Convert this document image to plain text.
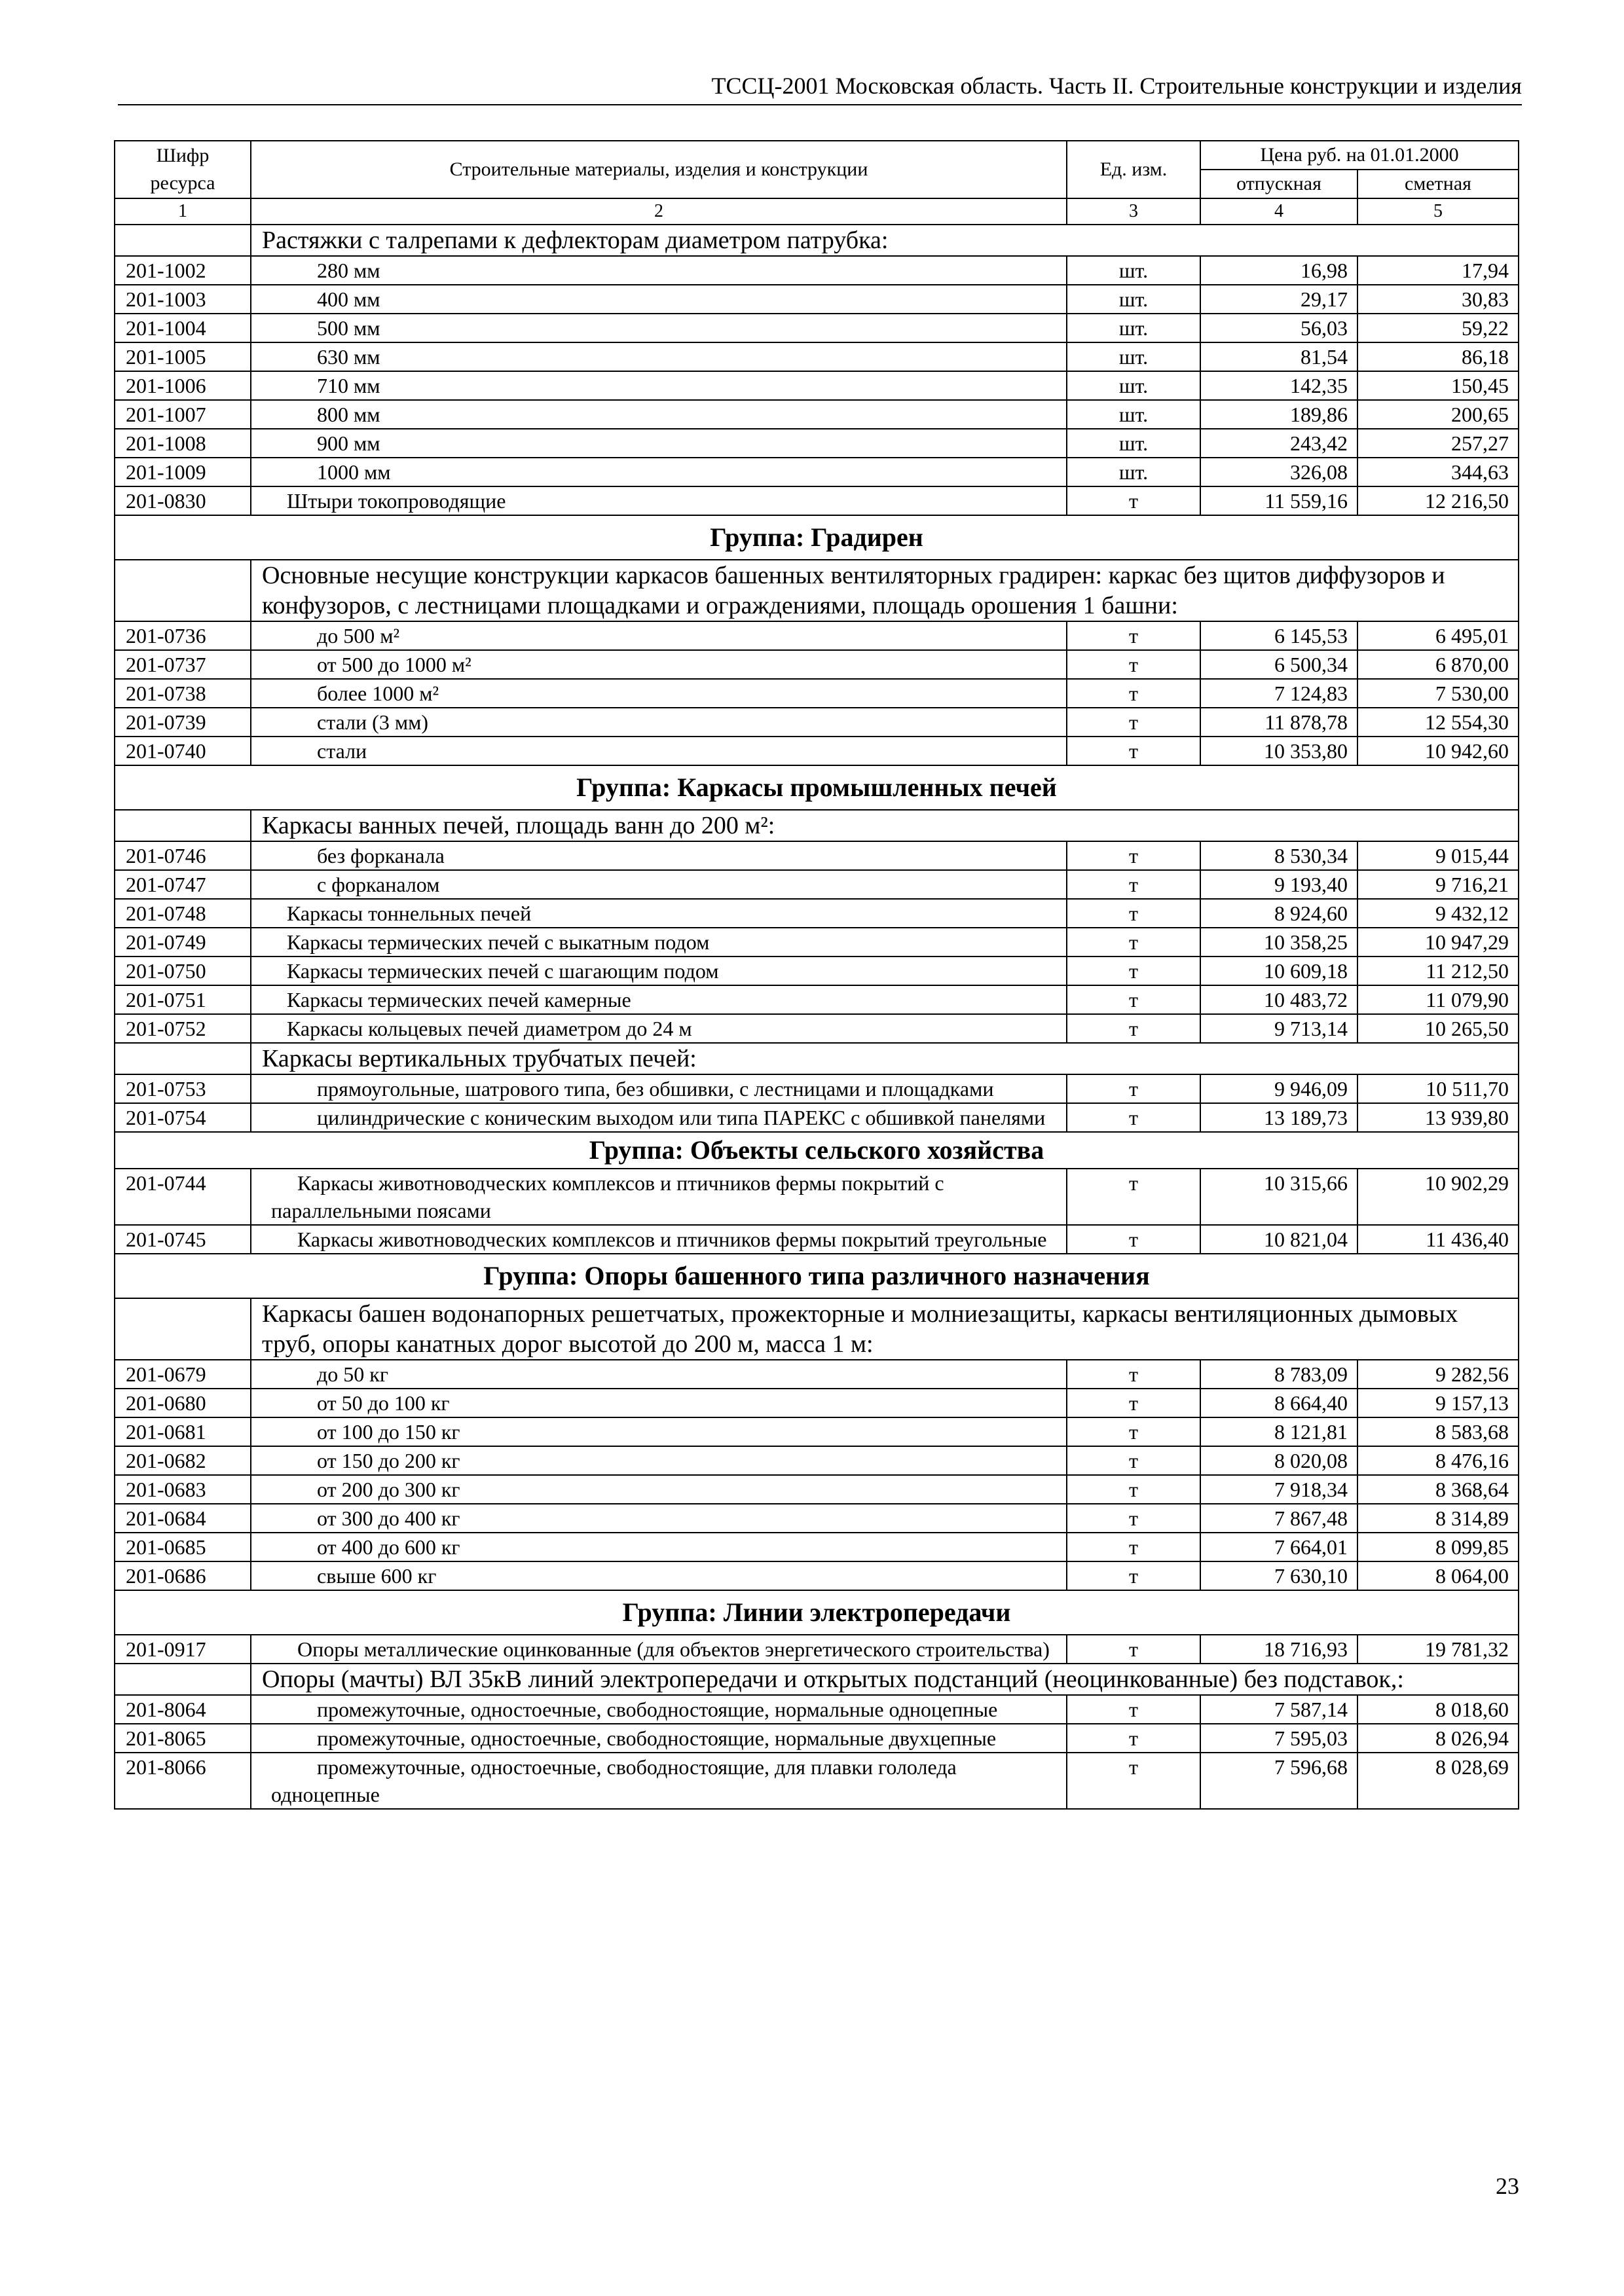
ТССЦ-2001 Московская область. Часть II. Строительные конструкции и изделия
Шифр ресурса	Строительные материалы, изделия и конструкции	Ед. изм.	Цена руб. на 01.01.2000	
			отпускная	сметная
1	2	3	4	5
	Растяжки с талрепами к дефлекторам диаметром патрубка:			
201-1002	280 мм	шт.	16,98	17,94
201-1003	400 мм	шт.	29,17	30,83
201-1004	500 мм	шт.	56,03	59,22
201-1005	630 мм	шт.	81,54	86,18
201-1006	710 мм	шт.	142,35	150,45
201-1007	800 мм	шт.	189,86	200,65
201-1008	900 мм	шт.	243,42	257,27
201-1009	1000 мм	шт.	326,08	344,63
201-0830	Штыри токопроводящие	т	11 559,16	12 216,50
Группа: Градирен				
	Основные несущие конструкции каркасов башенных вентиляторных градирен: каркас без щитов диффузоров и конфузоров, с лестницами площадками и ограждениями, площадь орошения 1 башни:			
201-0736	до 500 м²	т	6 145,53	6 495,01
201-0737	от 500 до 1000 м²	т	6 500,34	6 870,00
201-0738	более 1000 м²	т	7 124,83	7 530,00
201-0739	стали (3 мм)	т	11 878,78	12 554,30
201-0740	стали	т	10 353,80	10 942,60
Группа: Каркасы промышленных печей				
	Каркасы ванных печей, площадь ванн до 200 м²:			
201-0746	без форканала	т	8 530,34	9 015,44
201-0747	с форканалом	т	9 193,40	9 716,21
201-0748	Каркасы тоннельных печей	т	8 924,60	9 432,12
201-0749	Каркасы термических печей с выкатным подом	т	10 358,25	10 947,29
201-0750	Каркасы термических печей с шагающим подом	т	10 609,18	11 212,50
201-0751	Каркасы термических печей камерные	т	10 483,72	11 079,90
201-0752	Каркасы кольцевых печей диаметром до 24 м	т	9 713,14	10 265,50
	Каркасы вертикальных трубчатых печей:			
201-0753	прямоугольные, шатрового типа, без обшивки, с лестницами и площадками	т	9 946,09	10 511,70
201-0754	цилиндрические с коническим выходом или типа ПАРЕКС с обшивкой панелями	т	13 189,73	13 939,80
Группа: Объекты сельского хозяйства				
201-0744	Каркасы животноводческих комплексов и птичников фермы покрытий с параллельными поясами	т	10 315,66	10 902,29
201-0745	Каркасы животноводческих комплексов и птичников фермы покрытий треугольные	т	10 821,04	11 436,40
Группа: Опоры башенного типа различного назначения				
	Каркасы башен водонапорных решетчатых, прожекторные и молниезащиты, каркасы вентиляционных дымовых труб, опоры канатных дорог высотой до 200 м, масса 1 м:			
201-0679	до 50 кг	т	8 783,09	9 282,56
201-0680	от 50 до 100 кг	т	8 664,40	9 157,13
201-0681	от 100 до 150 кг	т	8 121,81	8 583,68
201-0682	от 150 до 200 кг	т	8 020,08	8 476,16
201-0683	от 200 до 300 кг	т	7 918,34	8 368,64
201-0684	от 300 до 400 кг	т	7 867,48	8 314,89
201-0685	от 400 до 600 кг	т	7 664,01	8 099,85
201-0686	свыше 600 кг	т	7 630,10	8 064,00
Группа: Линии электропередачи				
201-0917	Опоры металлические оцинкованные (для объектов энергетического строительства)	т	18 716,93	19 781,32
	Опоры (мачты) ВЛ 35кВ линий электропередачи и открытых подстанций (неоцинкованные) без подставок,:			
201-8064	промежуточные, одностоечные, свободностоящие, нормальные одноцепные	т	7 587,14	8 018,60
201-8065	промежуточные, одностоечные, свободностоящие, нормальные двухцепные	т	7 595,03	8 026,94
201-8066	промежуточные, одностоечные, свободностоящие, для плавки гололеда одноцепные	т	7 596,68	8 028,69
23
